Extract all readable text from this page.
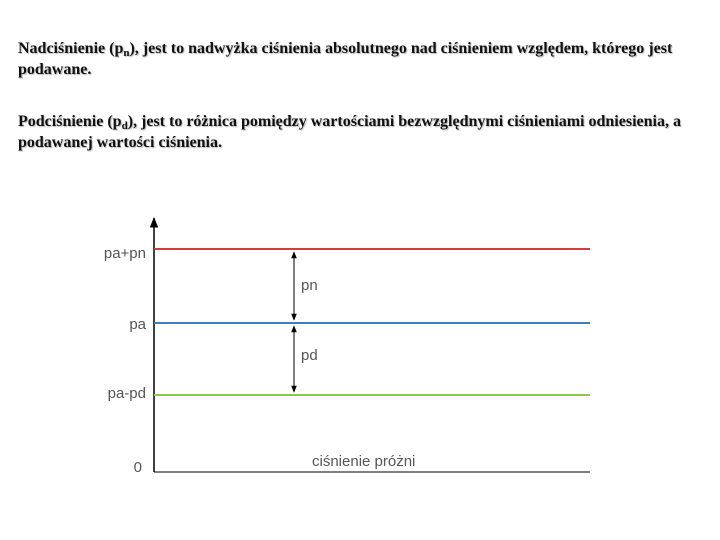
Nadciśnienie $(p_n)$, jest to nadwyżka ciśnienia absolutnego nad ciśnieniem względem, którego jest podawane.
Podciśnienie $(p_d)$, jest to różnica pomiędzy wartościami bezwzględnymi ciśnieniami odniesienia, a podawanej wartości ciśnienia.
pa+pn
pa
pa-pd
0
pn
pd
ciśnienie próżni
